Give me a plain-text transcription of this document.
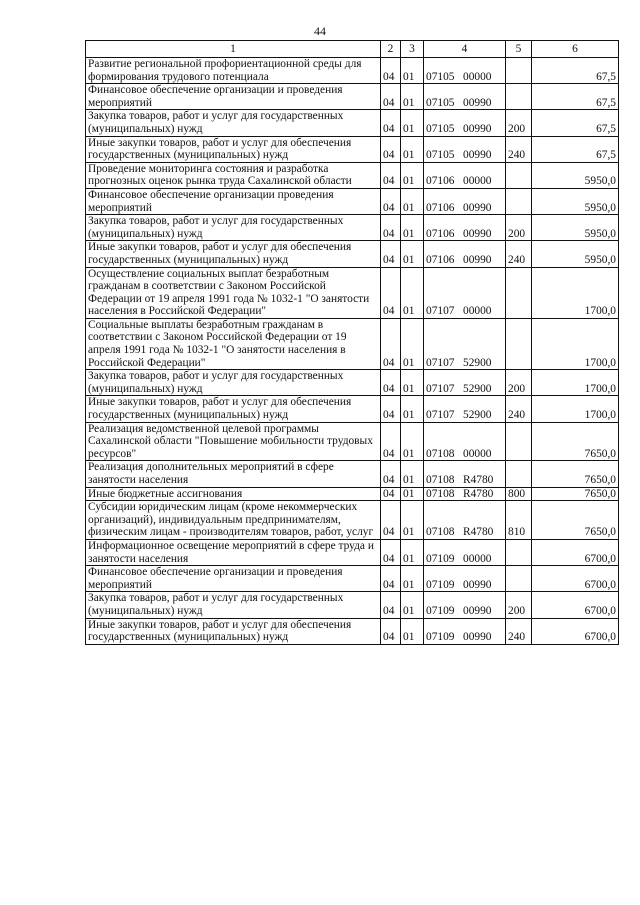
44
1	2	3	4	5	6
Развитие региональной профориентационной среды для формирования трудового потенциала	04	01	07105 00000		67,5
Финансовое обеспечение организации и проведения мероприятий	04	01	07105 00990		67,5
Закупка товаров, работ и услуг для государственных (муниципальных) нужд	04	01	07105 00990	200	67,5
Иные закупки товаров, работ и услуг для обеспечения государственных (муниципальных) нужд	04	01	07105 00990	240	67,5
Проведение мониторинга состояния и разработка прогнозных оценок рынка труда Сахалинской области	04	01	07106 00000		5950,0
Финансовое обеспечение организации проведения мероприятий	04	01	07106 00990		5950,0
Закупка товаров, работ и услуг для государственных (муниципальных) нужд	04	01	07106 00990	200	5950,0
Иные закупки товаров, работ и услуг для обеспечения государственных (муниципальных) нужд	04	01	07106 00990	240	5950,0
Осуществление социальных выплат безработным гражданам в соответствии с Законом Российской Федерации от 19 апреля 1991 года № 1032-1 "О занятости населения в Российской Федерации"	04	01	07107 00000		1700,0
Социальные выплаты безработным гражданам в соответствии с Законом Российской Федерации от 19 апреля 1991 года № 1032-1 "О занятости населения в Российской Федерации"	04	01	07107 52900		1700,0
Закупка товаров, работ и услуг для государственных (муниципальных) нужд	04	01	07107 52900	200	1700,0
Иные закупки товаров, работ и услуг для обеспечения государственных (муниципальных) нужд	04	01	07107 52900	240	1700,0
Реализация ведомственной целевой программы Сахалинской области "Повышение мобильности трудовых ресурсов"	04	01	07108 00000		7650,0
Реализация дополнительных мероприятий в сфере занятости населения	04	01	07108 R4780		7650,0
Иные бюджетные ассигнования	04	01	07108 R4780	800	7650,0
Субсидии юридическим лицам (кроме некоммерческих организаций), индивидуальным предпринимателям, физическим лицам - производителям товаров, работ, услуг	04	01	07108 R4780	810	7650,0
Информационное освещение мероприятий в сфере труда и занятости населения	04	01	07109 00000		6700,0
Финансовое обеспечение организации и проведения мероприятий	04	01	07109 00990		6700,0
Закупка товаров, работ и услуг для государственных (муниципальных) нужд	04	01	07109 00990	200	6700,0
Иные закупки товаров, работ и услуг для обеспечения государственных (муниципальных) нужд	04	01	07109 00990	240	6700,0
